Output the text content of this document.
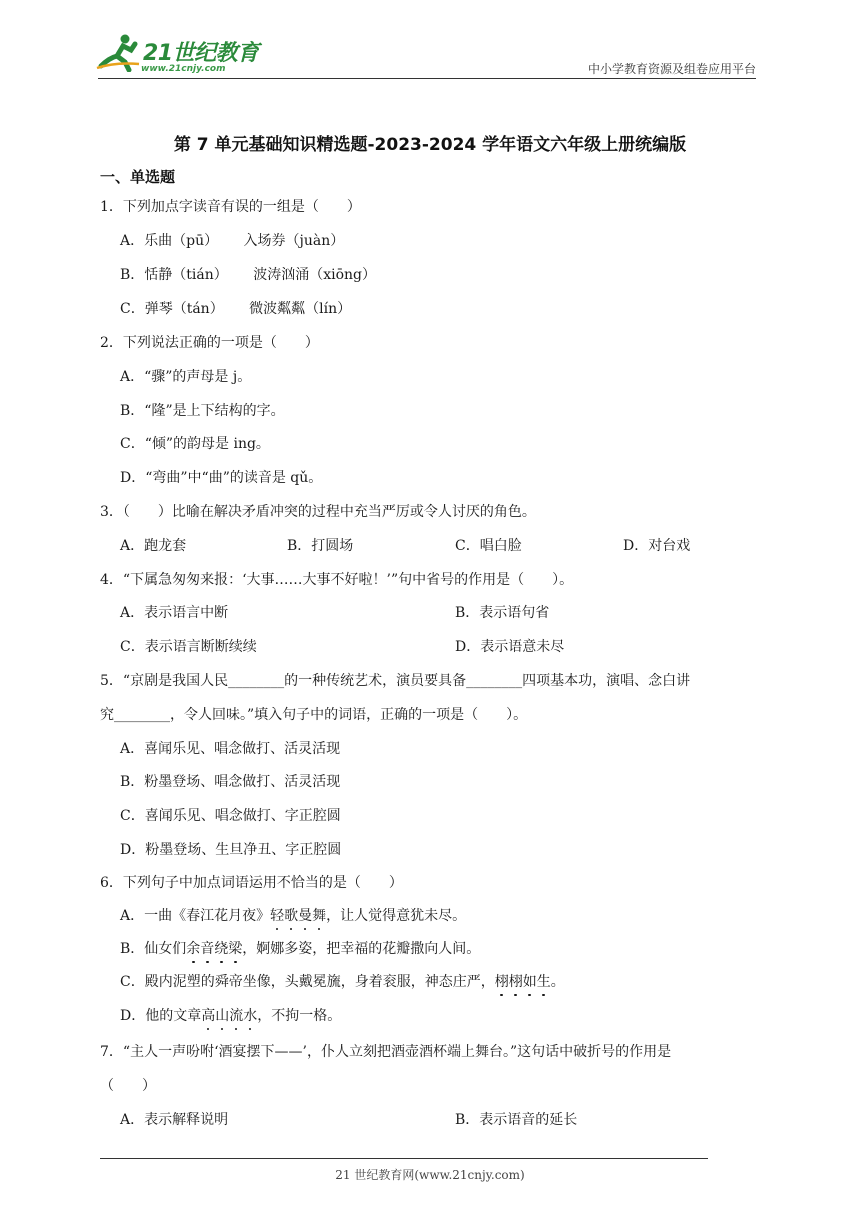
21世纪教育
www.21cnjy.com	中小学教育资源及组卷应用平台
第 7 单元基础知识精选题-2023-2024 学年语文六年级上册统编版
一、单选题
1．下列加点字读音有误的一组是（　　）
A．乐曲（pū）　　 入场券（juàn）
B．恬静（tián）　　 波涛汹涌（xiōng）
C．弹琴（tán）　　 微波粼粼（lín）
2．下列说法正确的一项是（　　）
A．“骤”的声母是 j。
B．“隆”是上下结构的字。
C．“倾”的韵母是 ing。
D．“弯曲”中“曲”的读音是 qǔ。
3．（　　）比喻在解决矛盾冲突的过程中充当严厉或令人讨厌的角色。
A．跑龙套	B．打圆场	C．唱白脸	D．对台戏
4．“下属急匆匆来报：‘大事……大事不好啦！’”句中省号的作用是（　　）。
A．表示语言中断	B．表示语句省
C．表示语言断断续续	D．表示语意未尽
5．“京剧是我国人民________的一种传统艺术，演员要具备________四项基本功，演唱、念白讲
究________，令人回味。”填入句子中的词语，正确的一项是（　　）。
A．喜闻乐见、唱念做打、活灵活现
B．粉墨登场、唱念做打、活灵活现
C．喜闻乐见、唱念做打、字正腔圆
D．粉墨登场、生旦净丑、字正腔圆
6．下列句子中加点词语运用不恰当的是（　　）
A．一曲《春江花月夜》轻歌曼舞，让人觉得意犹未尽。
B．仙女们余音绕梁，婀娜多姿，把幸福的花瓣撒向人间。
C．殿内泥塑的舜帝坐像，头戴冕旒，身着衮服，神态庄严，栩栩如生。
D．他的文章高山流水，不拘一格。
7．“主人一声吩咐‘酒宴摆下——’，仆人立刻把酒壶酒杯端上舞台。”这句话中破折号的作用是
（　　）
A．表示解释说明	B．表示语音的延长
21 世纪教育网(www.21cnjy.com)
